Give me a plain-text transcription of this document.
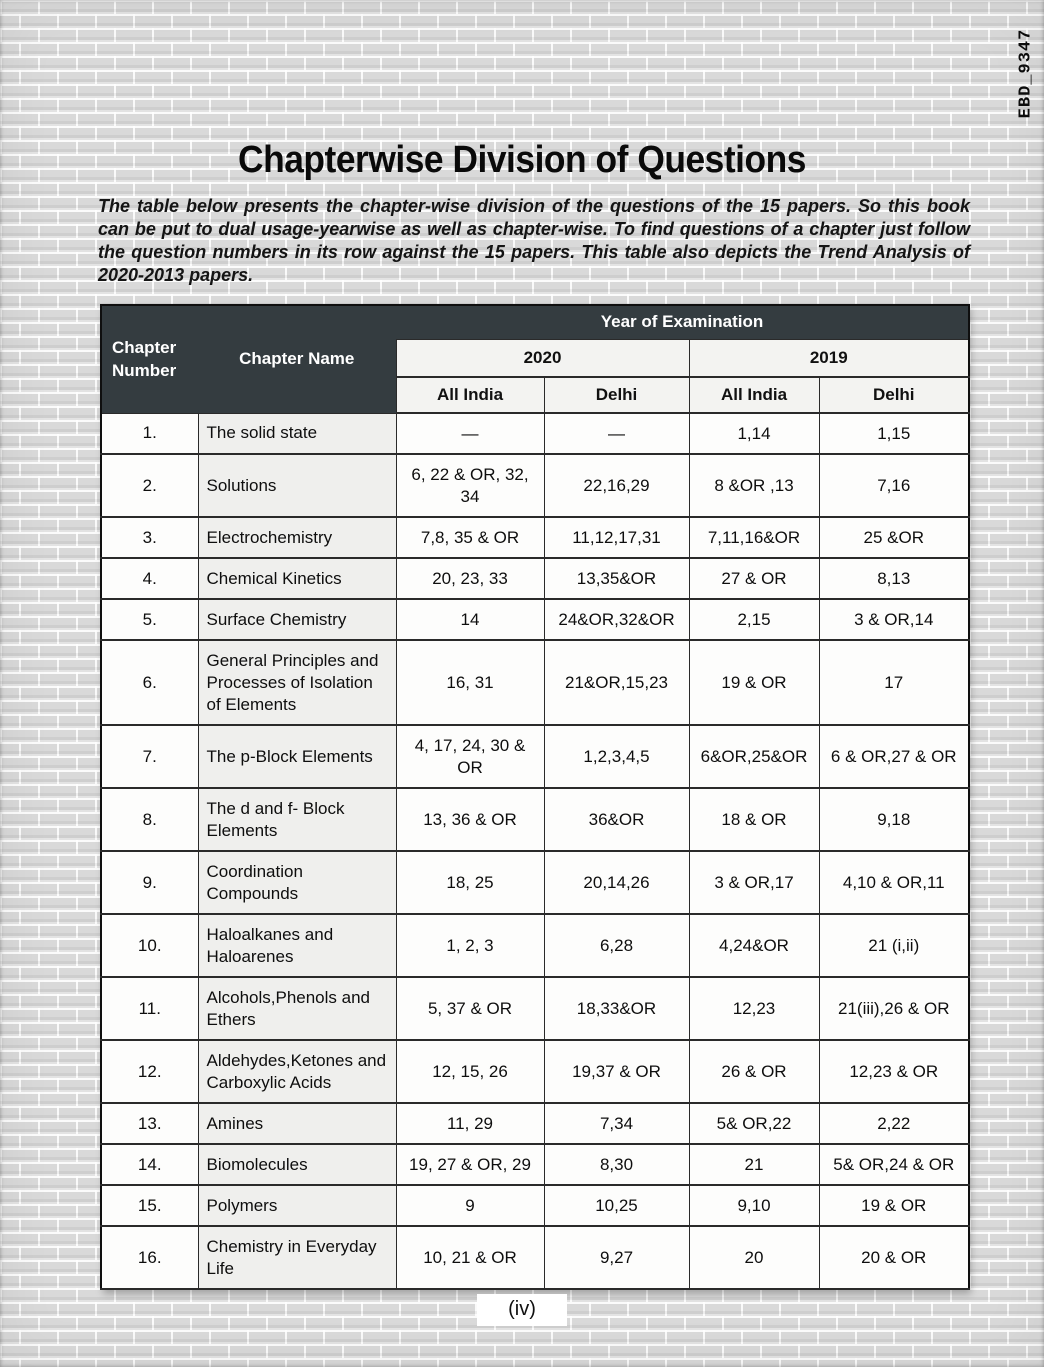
EBD_9347
Chapterwise Division of Questions

The table below presents the chapter-wise division of the questions of the 15 papers. So this book can be put to dual usage-yearwise as well as chapter-wise. To find questions of a chapter just follow the question numbers in its row against the 15 papers. This table also depicts the Trend Analysis of 2020-2013 papers.

Chapter Number	Chapter Name	Year of Examination			
		2020		2019	
		All India	Delhi	All India	Delhi
1.	The solid state	—	—	1,14	1,15
2.	Solutions	6, 22 & OR, 32, 34	22,16,29	8 &OR ,13	7,16
3.	Electrochemistry	7,8, 35 & OR	11,12,17,31	7,11,16&OR	25 &OR
4.	Chemical Kinetics	20, 23, 33	13,35&OR	27 & OR	8,13
5.	Surface Chemistry	14	24&OR,32&OR	2,15	3 & OR,14
6.	General Principles and Processes of Isolation of Elements	16, 31	21&OR,15,23	19 & OR	17
7.	The p-Block Elements	4, 17, 24, 30 & OR	1,2,3,4,5	6&OR,25&OR	6 & OR,27 & OR
8.	The d and f- Block Elements	13, 36 & OR	36&OR	18 & OR	9,18
9.	Coordination Compounds	18, 25	20,14,26	3 & OR,17	4,10 & OR,11
10.	Haloalkanes and Haloarenes	1, 2, 3	6,28	4,24&OR	21 (i,ii)
11.	Alcohols,Phenols and Ethers	5, 37 & OR	18,33&OR	12,23	21(iii),26 & OR
12.	Aldehydes,Ketones and Carboxylic Acids	12, 15, 26	19,37 & OR	26 & OR	12,23 & OR
13.	Amines	11, 29	7,34	5& OR,22	2,22
14.	Biomolecules	19, 27 & OR, 29	8,30	21	5& OR,24 & OR
15.	Polymers	9	10,25	9,10	19 & OR
16.	Chemistry in Everyday Life	10, 21 & OR	9,27	20	20 & OR
(iv)
